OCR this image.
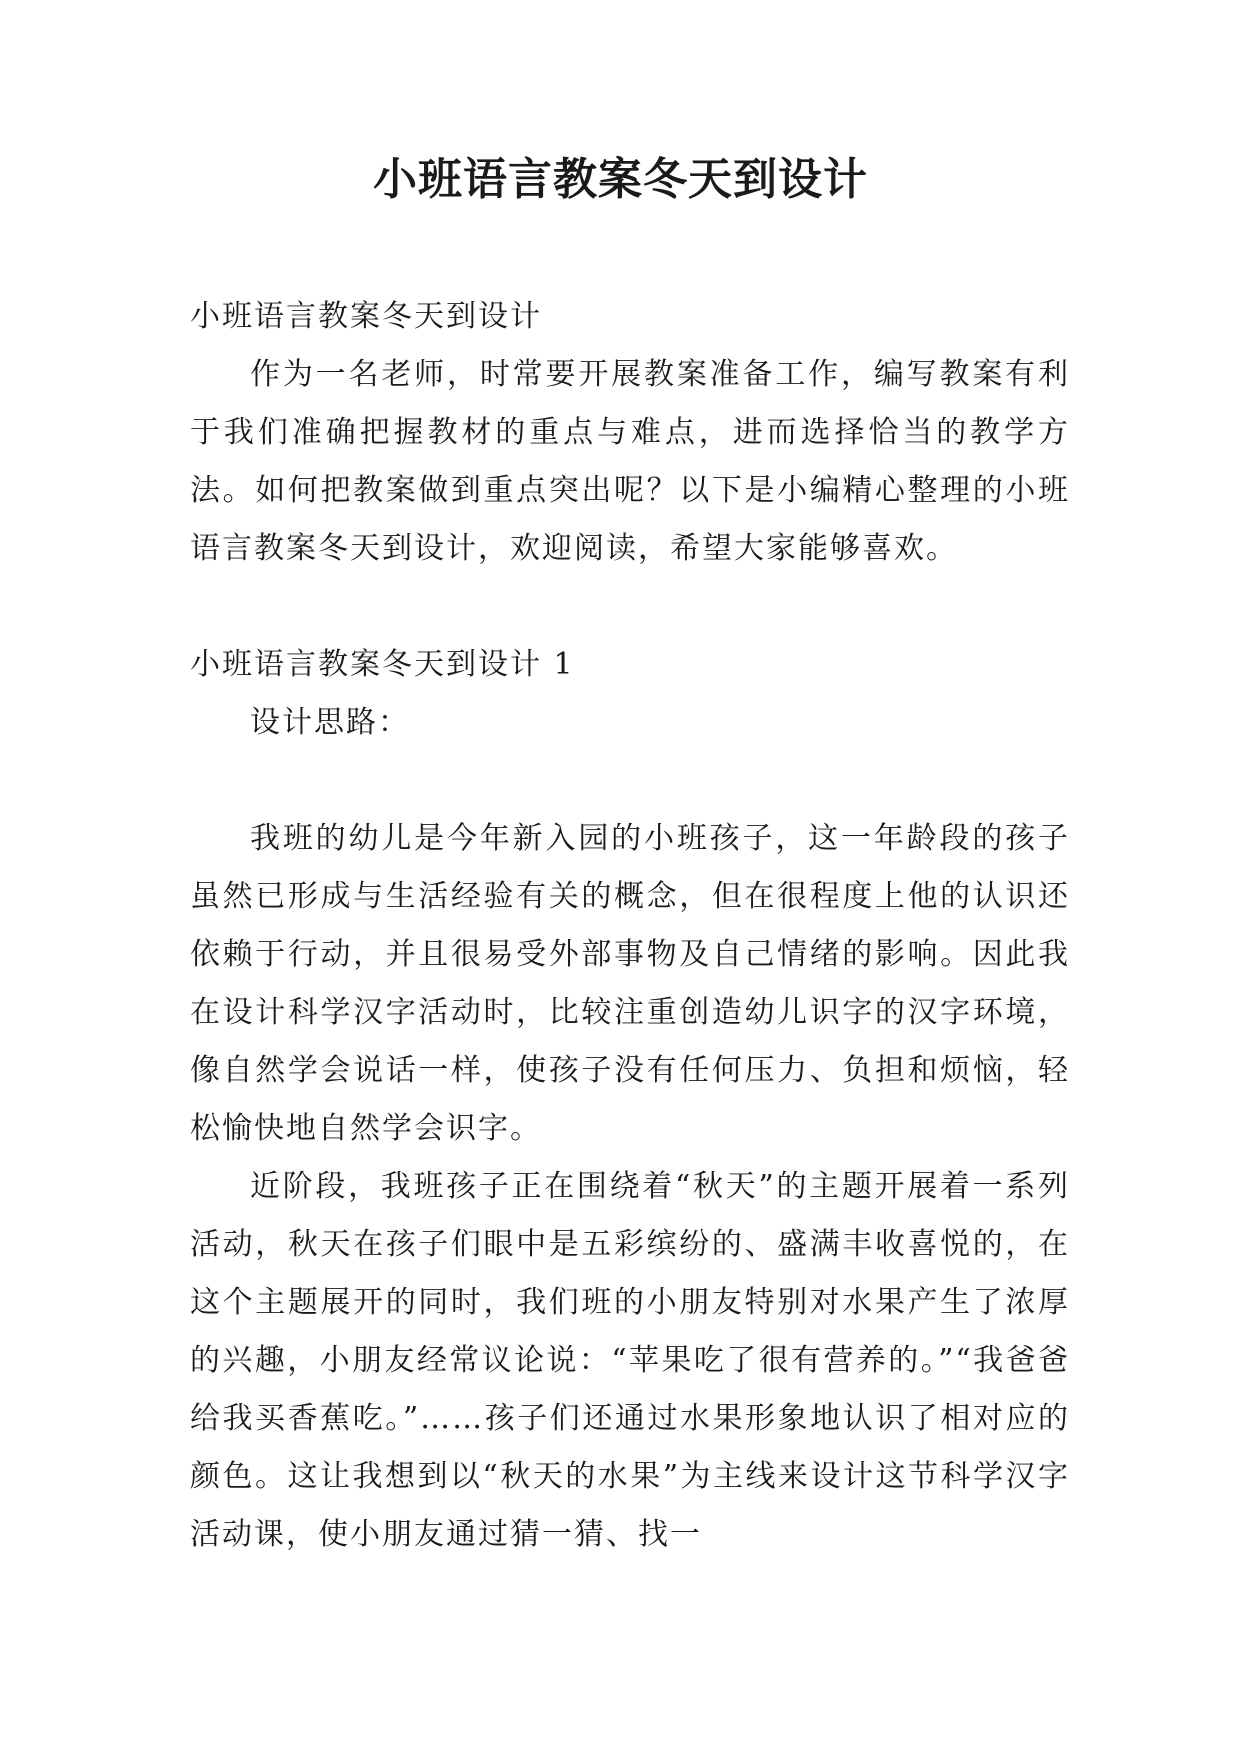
小班语言教案冬天到设计

小班语言教案冬天到设计

作为一名老师，时常要开展教案准备工作，编写教案有利于我们准确把握教材的重点与难点，进而选择恰当的教学方法。如何把教案做到重点突出呢？以下是小编精心整理的小班语言教案冬天到设计，欢迎阅读，希望大家能够喜欢。

小班语言教案冬天到设计 1

设计思路：

我班的幼儿是今年新入园的小班孩子，这一年龄段的孩子虽然已形成与生活经验有关的概念，但在很程度上他的认识还依赖于行动，并且很易受外部事物及自己情绪的影响。因此我在设计科学汉字活动时，比较注重创造幼儿识字的汉字环境，像自然学会说话一样，使孩子没有任何压力、负担和烦恼，轻松愉快地自然学会识字。

近阶段，我班孩子正在围绕着“秋天”的主题开展着一系列活动，秋天在孩子们眼中是五彩缤纷的、盛满丰收喜悦的，在这个主题展开的同时，我们班的小朋友特别对水果产生了浓厚的兴趣，小朋友经常议论说：“苹果吃了很有营养的。”“我爸爸给我买香蕉吃。”……孩子们还通过水果形象地认识了相对应的颜色。这让我想到以“秋天的水果”为主线来设计这节科学汉字活动课，使小朋友通过猜一猜、找一
